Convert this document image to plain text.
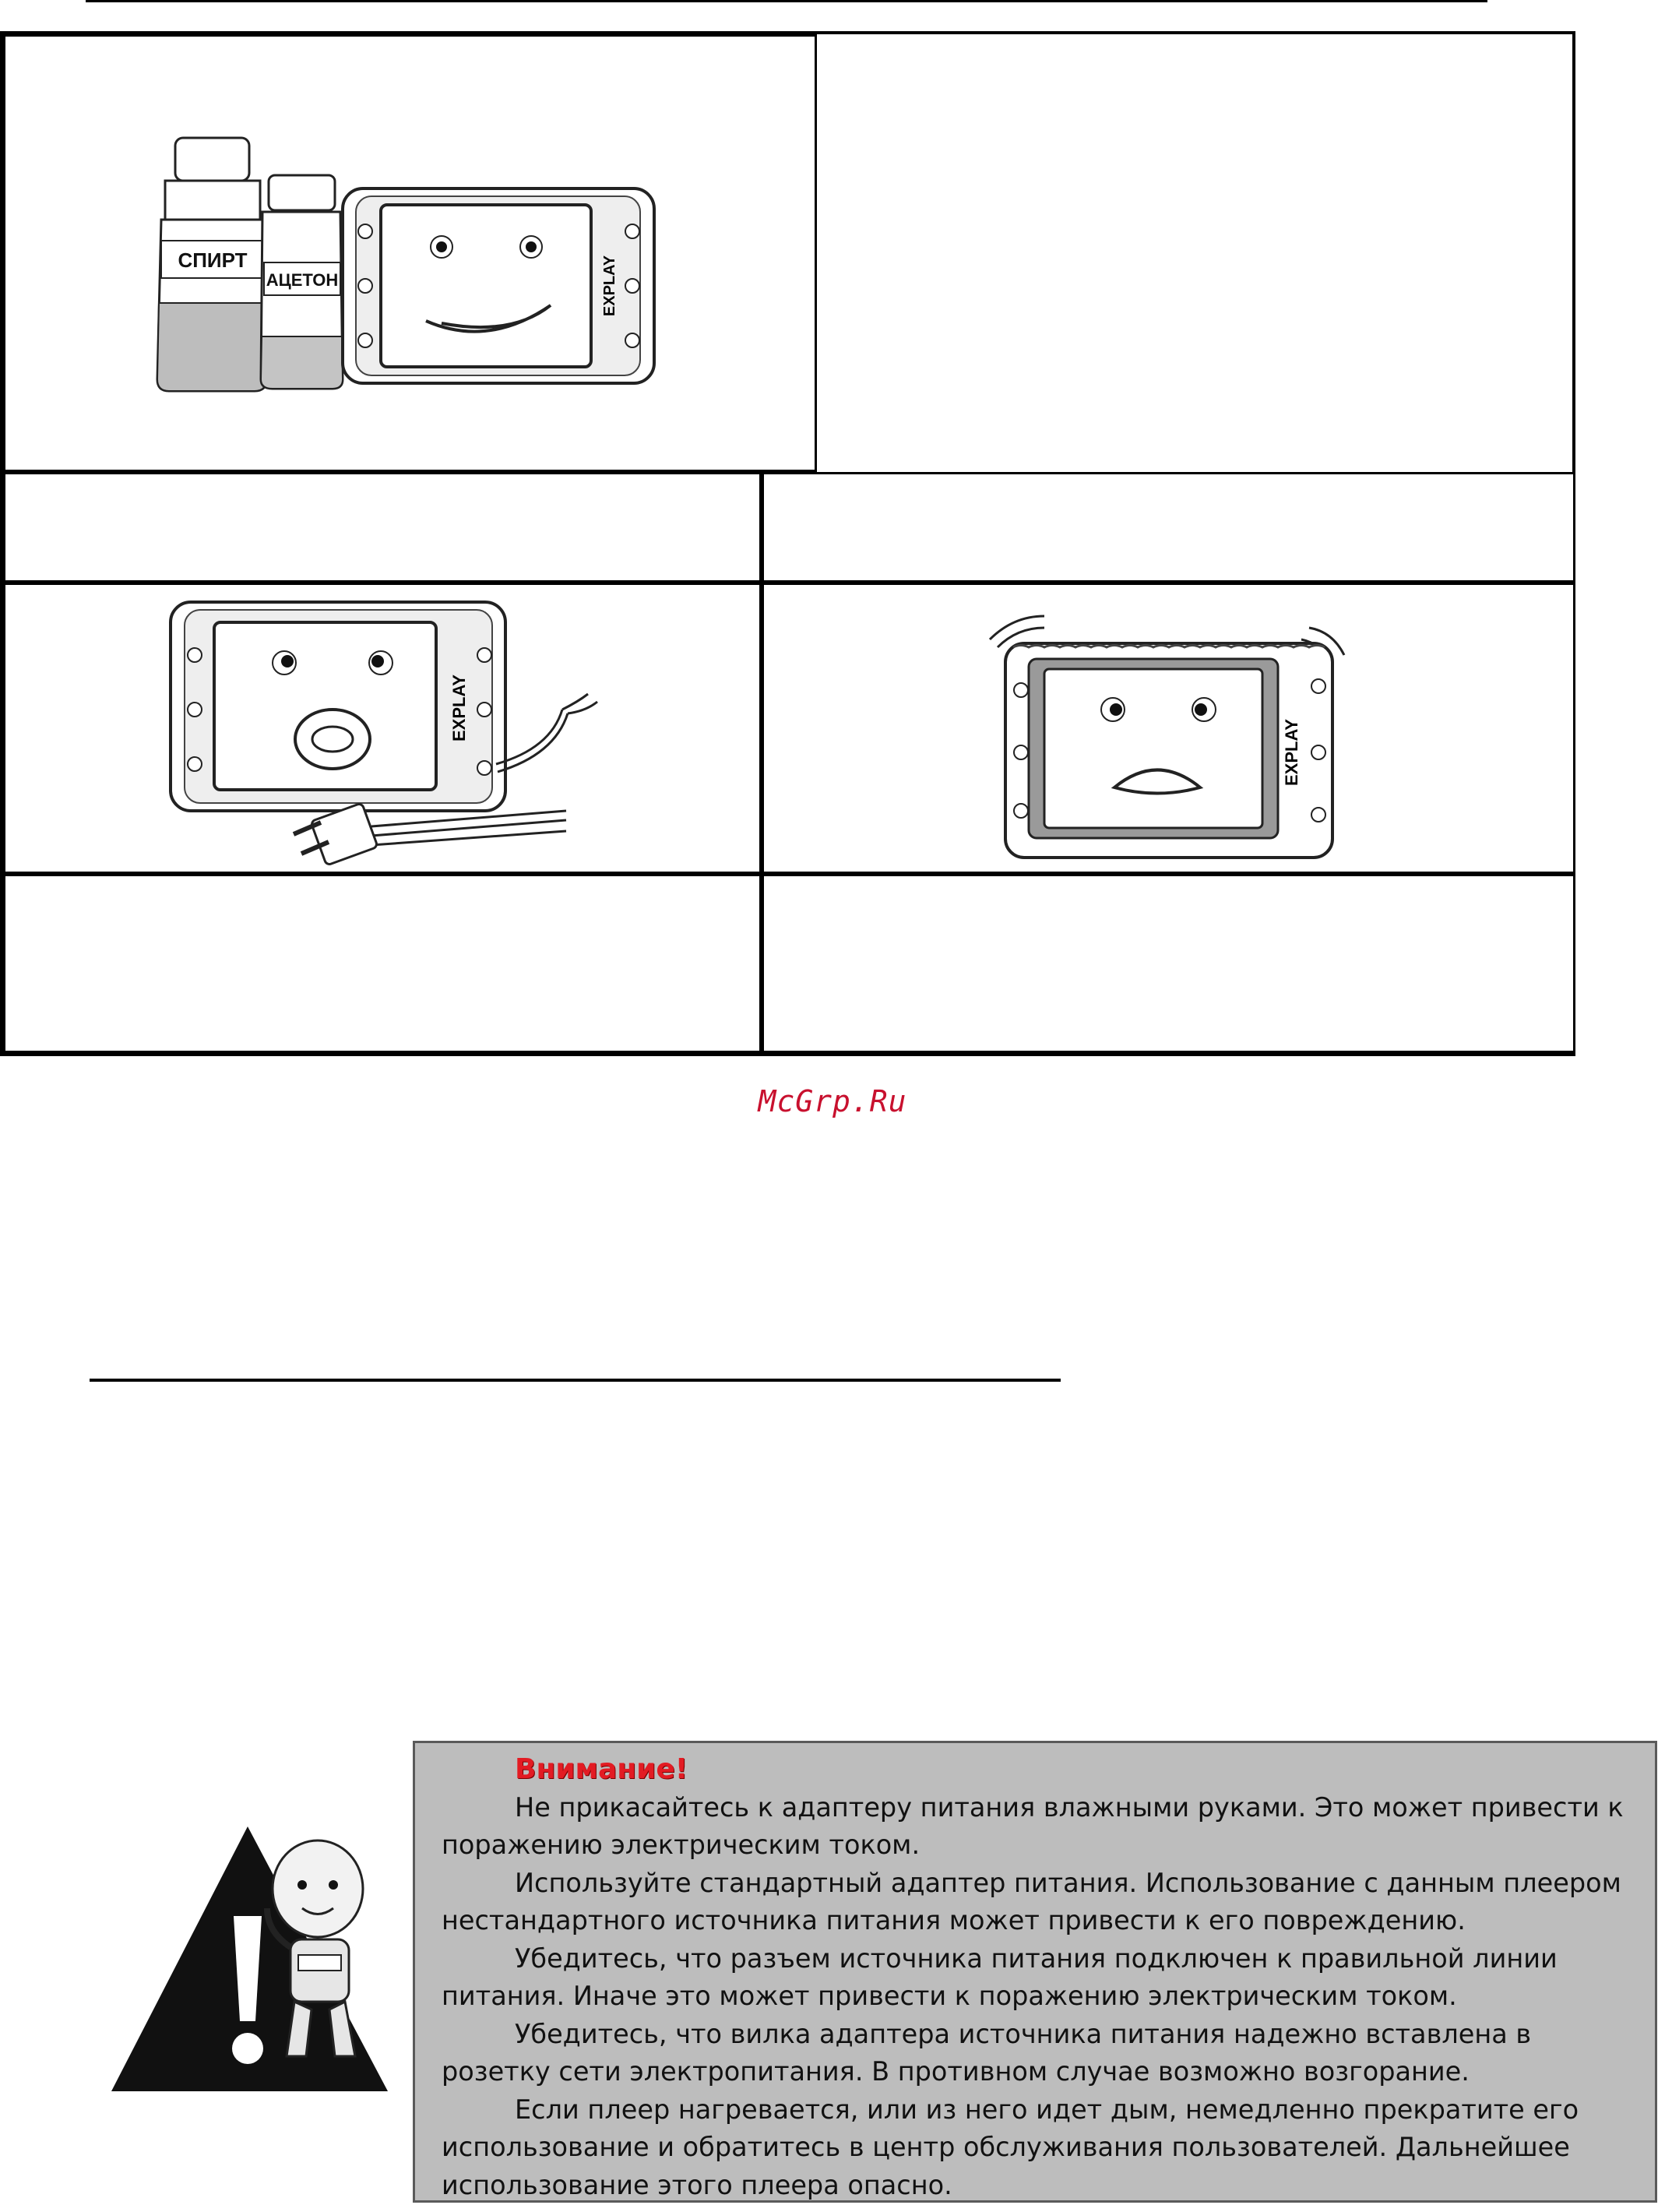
СПИРТ
АЦЕТОН	EXPLAY
EXPLAY
EXPLAY
McGrp.Ru
Внимание!

Не прикасайтесь к адаптеру питания влажными руками. Это может привести к поражению электрическим током.

Используйте стандартный адаптер питания. Использование с данным плеером нестандартного источника питания может привести к его повреждению.

Убедитесь, что разъем источника питания подключен к правильной линии питания. Иначе это может привести к поражению электрическим током.

Убедитесь, что вилка адаптера источника питания надежно вставлена в розетку сети электропитания. В противном случае возможно возгорание.

Если плеер нагревается, или из него идет дым, немедленно прекратите его использование и обратитесь в центр обслуживания пользователей. Дальнейшее использование этого плеера опасно.
